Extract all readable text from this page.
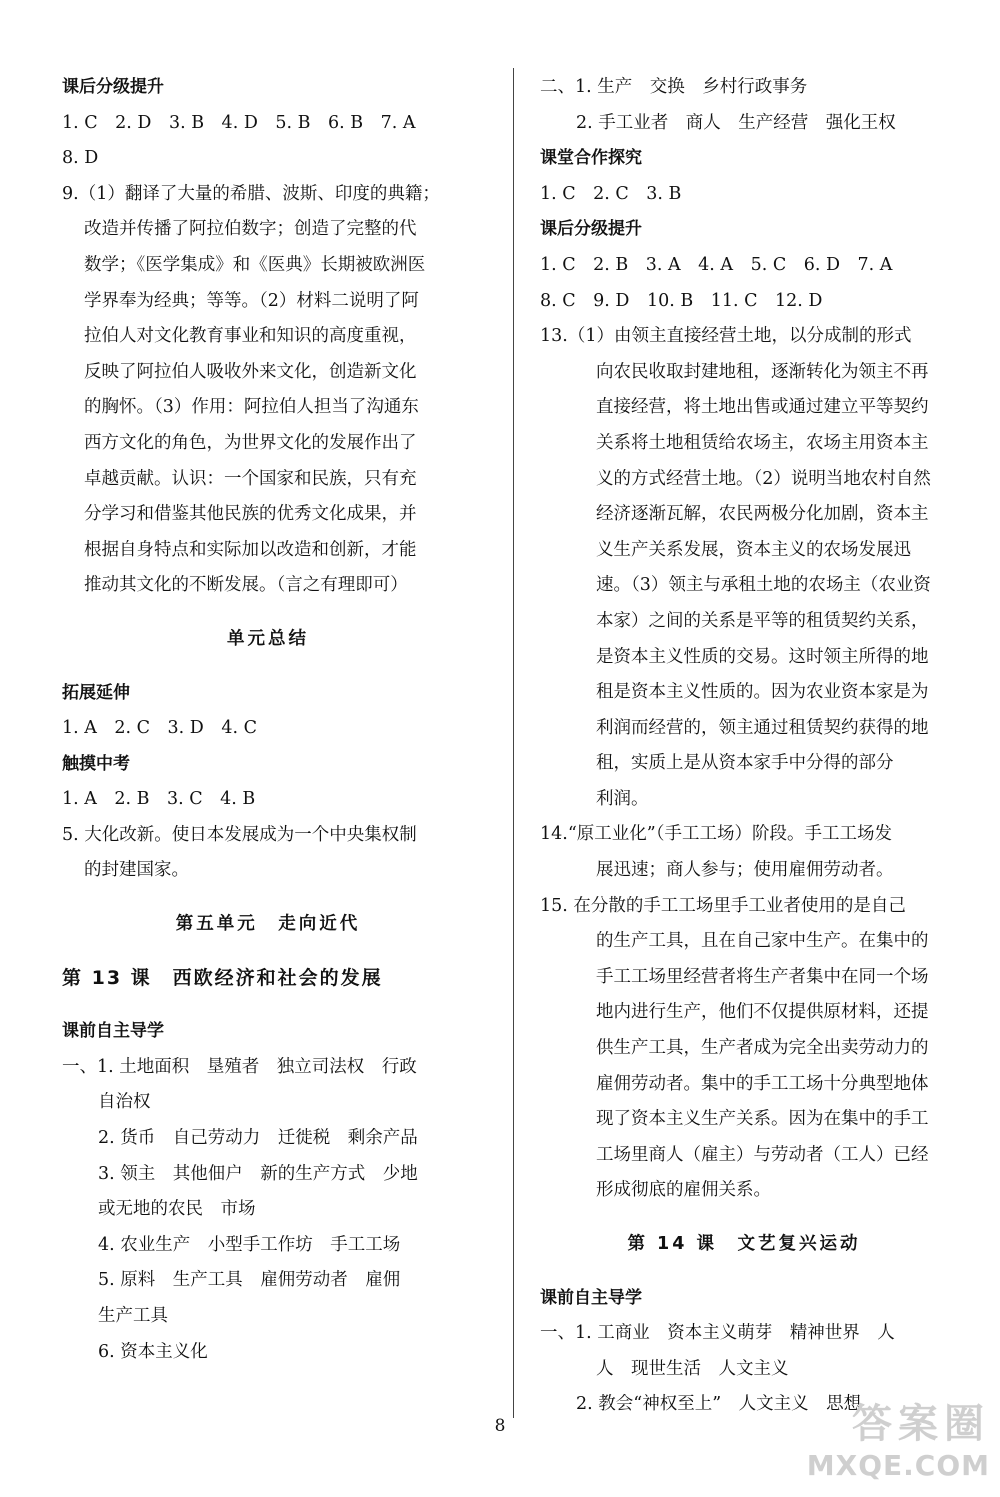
课后分级提升
1. C　2. D　3. B　4. D　5. B　6. B　7. A
8. D
9.（1）翻译了大量的希腊、波斯、印度的典籍；
改造并传播了阿拉伯数字；创造了完整的代
数学；《医学集成》和《医典》长期被欧洲医
学界奉为经典；等等。（2）材料二说明了阿
拉伯人对文化教育事业和知识的高度重视，
反映了阿拉伯人吸收外来文化，创造新文化
的胸怀。（3）作用：阿拉伯人担当了沟通东
西方文化的角色，为世界文化的发展作出了
卓越贡献。认识：一个国家和民族，只有充
分学习和借鉴其他民族的优秀文化成果，并
根据自身特点和实际加以改造和创新，才能
推动其文化的不断发展。（言之有理即可）
单元总结
拓展延伸
1. A　2. C　3. D　4. C
触摸中考
1. A　2. B　3. C　4. B
5. 大化改新。使日本发展成为一个中央集权制
的封建国家。
第五单元　走向近代
第 13 课　西欧经济和社会的发展
课前自主导学
一、1. 土地面积　垦殖者　独立司法权　行政
自治权
2. 货币　自己劳动力　迁徙税　剩余产品
3. 领主　其他佃户　新的生产方式　少地
或无地的农民　市场
4. 农业生产　小型手工作坊　手工工场
5. 原料　生产工具　雇佣劳动者　雇佣
生产工具
6. 资本主义化
二、1. 生产　交换　乡村行政事务
2. 手工业者　商人　生产经营　强化王权
课堂合作探究
1. C　2. C　3. B
课后分级提升
1. C　2. B　3. A　4. A　5. C　6. D　7. A
8. C　9. D　10. B　11. C　12. D
13.（1）由领主直接经营土地，以分成制的形式
向农民收取封建地租，逐渐转化为领主不再
直接经营，将土地出售或通过建立平等契约
关系将土地租赁给农场主，农场主用资本主
义的方式经营土地。（2）说明当地农村自然
经济逐渐瓦解，农民两极分化加剧，资本主
义生产关系发展，资本主义的农场发展迅
速。（3）领主与承租土地的农场主（农业资
本家）之间的关系是平等的租赁契约关系，
是资本主义性质的交易。这时领主所得的地
租是资本主义性质的。因为农业资本家是为
利润而经营的，领主通过租赁契约获得的地
租，实质上是从资本家手中分得的部分
利润。
14.“原工业化”（手工工场）阶段。手工工场发
展迅速；商人参与；使用雇佣劳动者。
15. 在分散的手工工场里手工业者使用的是自己
的生产工具，且在自己家中生产。在集中的
手工工场里经营者将生产者集中在同一个场
地内进行生产，他们不仅提供原材料，还提
供生产工具，生产者成为完全出卖劳动力的
雇佣劳动者。集中的手工工场十分典型地体
现了资本主义生产关系。因为在集中的手工
工场里商人（雇主）与劳动者（工人）已经
形成彻底的雇佣关系。
第 14 课　文艺复兴运动
课前自主导学
一、1. 工商业　资本主义萌芽　精神世界　人
人　现世生活　人文主义
2. 教会“神权至上”　人文主义　思想
8	答案圈
MXQE.COM
